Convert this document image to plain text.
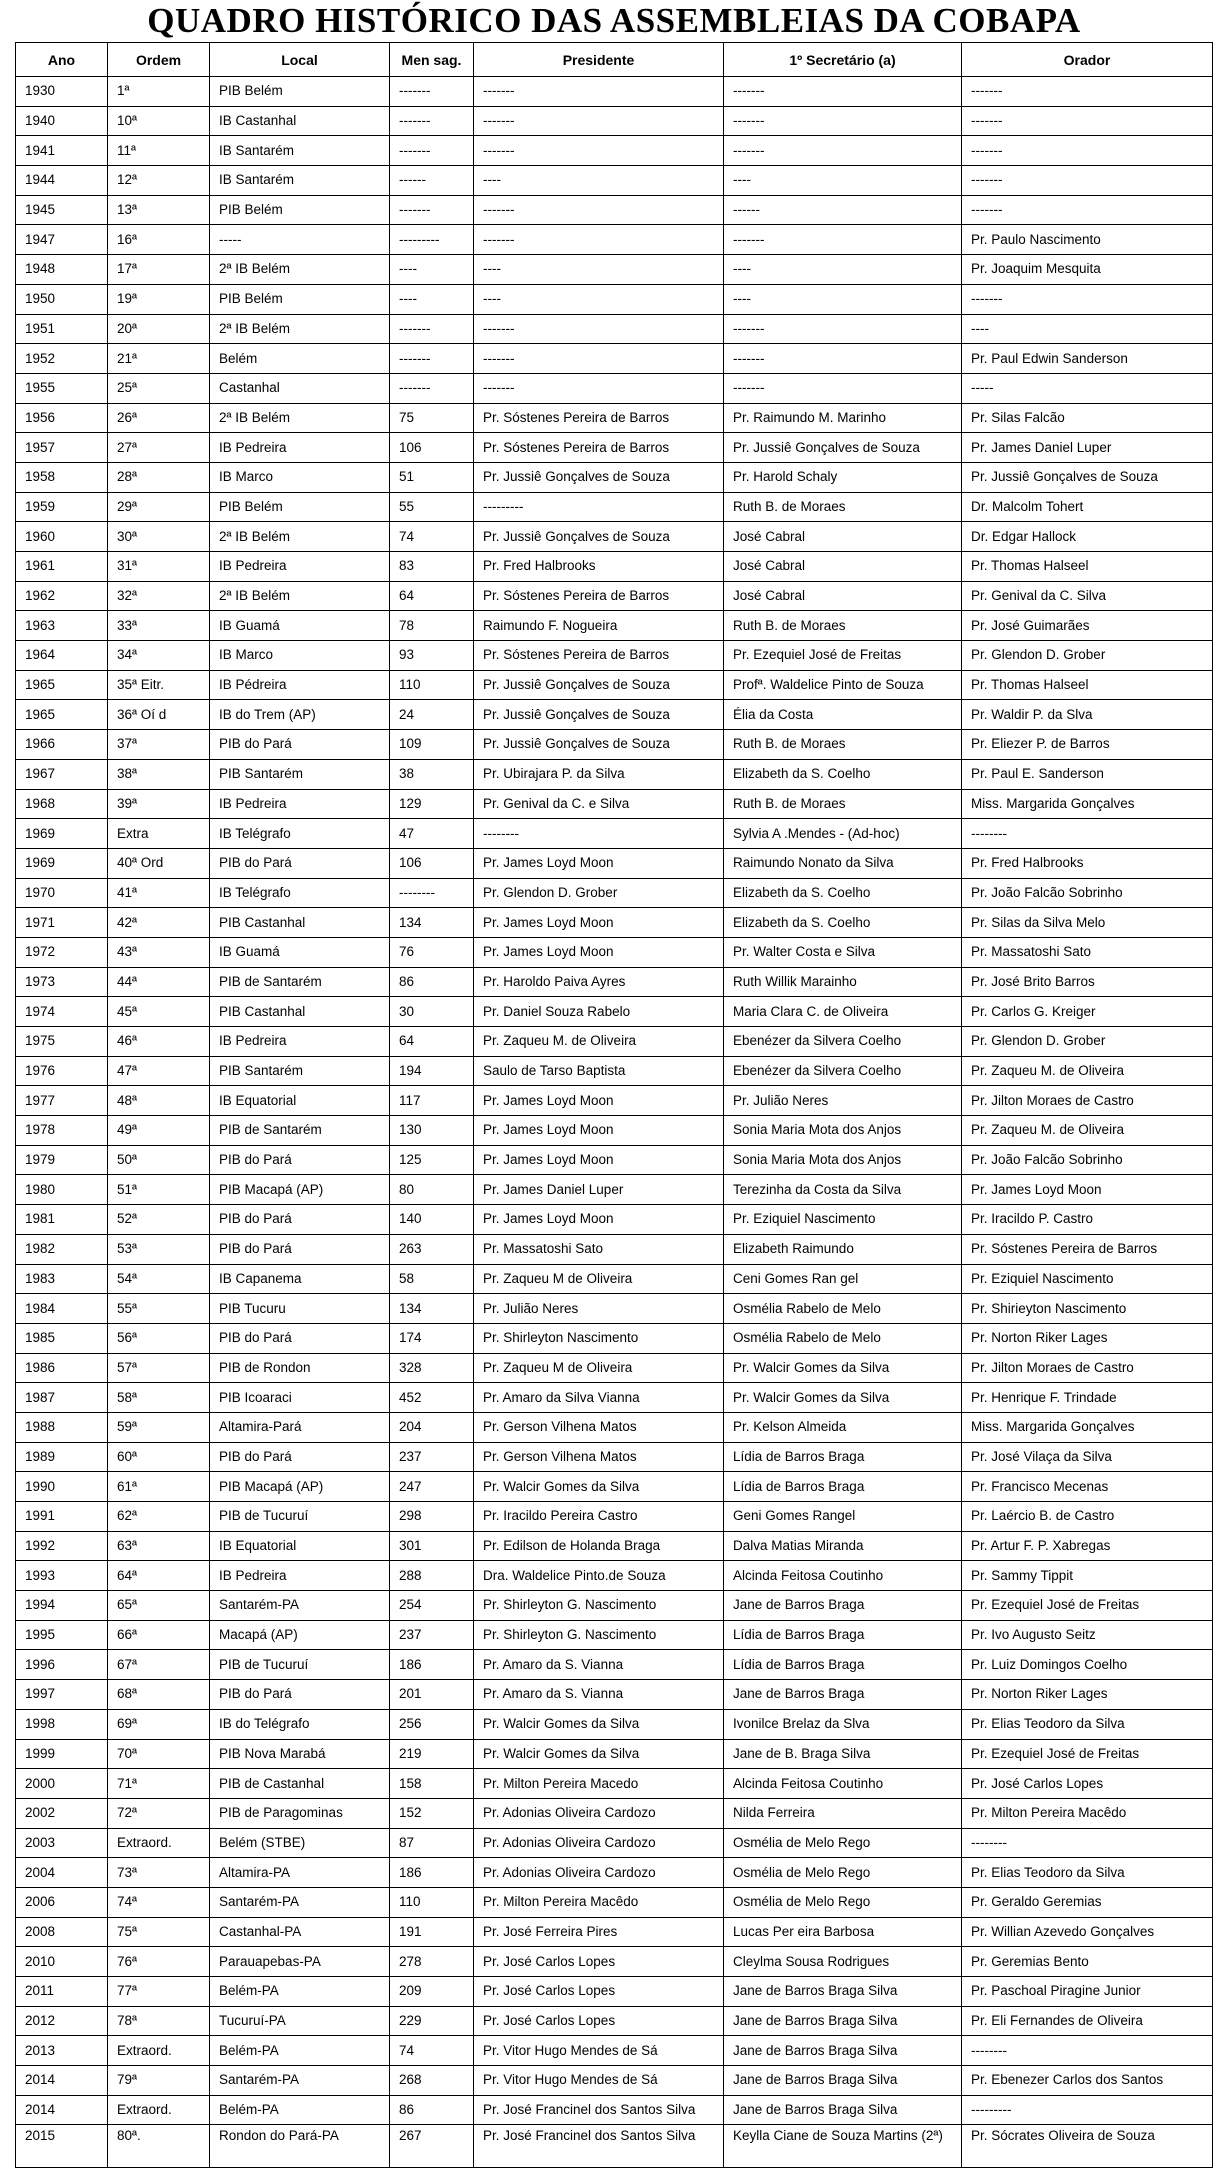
QUADRO HISTÓRICO DAS ASSEMBLEIAS DA COBAPA
Ano	Ordem	Local	Men sag.	Presidente	1º Secretário (a)	Orador
1930	1ª	PIB Belém	-------	-------	-------	-------
1940	10ª	IB Castanhal	-------	-------	-------	-------
1941	11ª	IB Santarém	-------	-------	-------	-------
1944	12ª	IB Santarém	------	----	----	-------
1945	13ª	PIB Belém	-------	-------	------	-------
1947	16ª	-----	---------	-------	-------	Pr. Paulo Nascimento
1948	17ª	2ª IB Belém	----	----	----	Pr. Joaquim Mesquita
1950	19ª	PIB Belém	----	----	----	-------
1951	20ª	2ª IB Belém	-------	-------	-------	----
1952	21ª	Belém	-------	-------	-------	Pr. Paul Edwin Sanderson
1955	25ª	Castanhal	-------	-------	-------	-----
1956	26ª	2ª IB Belém	75	Pr. Sóstenes Pereira de Barros	Pr. Raimundo M. Marinho	Pr. Silas Falcão
1957	27ª	IB Pedreira	106	Pr. Sóstenes Pereira de Barros	Pr. Jussiê Gonçalves de Souza	Pr. James Daniel Luper
1958	28ª	IB Marco	51	Pr. Jussiê Gonçalves de Souza	Pr. Harold Schaly	Pr. Jussiê Gonçalves de Souza
1959	29ª	PIB Belém	55	---------	Ruth B. de Moraes	Dr. Malcolm Tohert
1960	30ª	2ª IB Belém	74	Pr. Jussiê Gonçalves de Souza	José Cabral	Dr. Edgar Hallock
1961	31ª	IB Pedreira	83	Pr. Fred Halbrooks	José Cabral	Pr. Thomas Halseel
1962	32ª	2ª IB Belém	64	Pr. Sóstenes Pereira de Barros	José Cabral	Pr. Genival da C. Silva
1963	33ª	IB Guamá	78	Raimundo F. Nogueira	Ruth B. de Moraes	Pr. José Guimarães
1964	34ª	IB Marco	93	Pr. Sóstenes Pereira de Barros	Pr. Ezequiel José de Freitas	Pr. Glendon D. Grober
1965	35ª Eitr.	IB Pédreira	110	Pr. Jussiê Gonçalves de Souza	Profª. Waldelice Pinto de Souza	Pr. Thomas Halseel
1965	36ª Oí d	IB do Trem (AP)	24	Pr. Jussiê Gonçalves de Souza	Élia da Costa	Pr. Waldir P. da Slva
1966	37ª	PIB do Pará	109	Pr. Jussiê Gonçalves de Souza	Ruth B. de Moraes	Pr. Eliezer P. de Barros
1967	38ª	PIB Santarém	38	Pr. Ubirajara P. da Silva	Elizabeth da S. Coelho	Pr. Paul E. Sanderson
1968	39ª	IB Pedreira	129	Pr. Genival da C. e Silva	Ruth B. de Moraes	Miss. Margarida Gonçalves
1969	Extra	IB Telégrafo	47	--------	Sylvia A .Mendes - (Ad-hoc)	--------
1969	40ª Ord	PIB do Pará	106	Pr. James Loyd Moon	Raimundo Nonato da Silva	Pr. Fred Halbrooks
1970	41ª	IB Telégrafo	--------	Pr. Glendon D. Grober	Elizabeth da S. Coelho	Pr. João Falcão Sobrinho
1971	42ª	PIB Castanhal	134	Pr. James Loyd Moon	Elizabeth da S. Coelho	Pr. Silas da Silva Melo
1972	43ª	IB Guamá	76	Pr. James Loyd Moon	Pr. Walter Costa e Silva	Pr. Massatoshi Sato
1973	44ª	PIB de Santarém	86	Pr. Haroldo Paiva Ayres	Ruth Willik Marainho	Pr. José Brito Barros
1974	45ª	PIB Castanhal	30	Pr. Daniel Souza Rabelo	Maria Clara C. de Oliveira	Pr. Carlos G. Kreiger
1975	46ª	IB Pedreira	64	Pr. Zaqueu M. de Oliveira	Ebenézer da Silvera Coelho	Pr. Glendon D. Grober
1976	47ª	PIB Santarém	194	Saulo de Tarso Baptista	Ebenézer da Silvera Coelho	Pr. Zaqueu M. de Oliveira
1977	48ª	IB Equatorial	117	Pr. James Loyd Moon	Pr. Julião Neres	Pr. Jilton Moraes de Castro
1978	49ª	PIB de Santarém	130	Pr. James Loyd Moon	Sonia Maria Mota dos Anjos	Pr. Zaqueu M. de Oliveira
1979	50ª	PIB do Pará	125	Pr. James Loyd Moon	Sonia Maria Mota dos Anjos	Pr. João Falcão Sobrinho
1980	51ª	PIB Macapá (AP)	80	Pr. James Daniel Luper	Terezinha da Costa da Silva	Pr. James Loyd Moon
1981	52ª	PIB do Pará	140	Pr. James Loyd Moon	Pr. Eziquiel Nascimento	Pr. Iracildo P. Castro
1982	53ª	PIB do Pará	263	Pr. Massatoshi Sato	Elizabeth Raimundo	Pr. Sóstenes Pereira de Barros
1983	54ª	IB Capanema	58	Pr. Zaqueu M de Oliveira	Ceni Gomes Ran gel	Pr. Eziquiel Nascimento
1984	55ª	PIB Tucuru	134	Pr. Julião Neres	Osmélia Rabelo de Melo	Pr. Shirieyton Nascimento
1985	56ª	PIB do Pará	174	Pr. Shirleyton Nascimento	Osmélia Rabelo de Melo	Pr. Norton Riker Lages
1986	57ª	PIB de Rondon	328	Pr. Zaqueu M de Oliveira	Pr. Walcir Gomes da Silva	Pr. Jilton Moraes de Castro
1987	58ª	PIB Icoaraci	452	Pr. Amaro da Silva Vianna	Pr. Walcir Gomes da Silva	Pr. Henrique F. Trindade
1988	59ª	Altamira-Pará	204	Pr. Gerson Vilhena Matos	Pr. Kelson Almeida	Miss. Margarida Gonçalves
1989	60ª	PIB do Pará	237	Pr. Gerson Vilhena Matos	Lídia de Barros Braga	Pr. José Vilaça da Silva
1990	61ª	PIB Macapá (AP)	247	Pr. Walcir Gomes da Silva	Lídia de Barros Braga	Pr. Francisco Mecenas
1991	62ª	PIB de Tucuruí	298	Pr. Iracildo Pereira Castro	Geni Gomes Rangel	Pr. Laércio B. de Castro
1992	63ª	IB Equatorial	301	Pr. Edilson de Holanda Braga	Dalva Matias Miranda	Pr. Artur F. P. Xabregas
1993	64ª	IB Pedreira	288	Dra. Waldelice Pinto.de Souza	Alcinda Feitosa Coutinho	Pr. Sammy Tippit
1994	65ª	Santarém-PA	254	Pr. Shirleyton G. Nascimento	Jane de Barros Braga	Pr. Ezequiel José de Freitas
1995	66ª	Macapá (AP)	237	Pr. Shirleyton G. Nascimento	Lídia de Barros Braga	Pr. Ivo Augusto Seitz
1996	67ª	PIB de Tucuruí	186	Pr. Amaro da S. Vianna	Lídia de Barros Braga	Pr. Luiz Domingos Coelho
1997	68ª	PIB do Pará	201	Pr. Amaro da S. Vianna	Jane de Barros Braga	Pr. Norton Riker Lages
1998	69ª	IB do Telégrafo	256	Pr. Walcir Gomes da Silva	Ivonilce Brelaz da Slva	Pr. Elias Teodoro da Silva
1999	70ª	PIB Nova Marabá	219	Pr. Walcir Gomes da Silva	Jane de B. Braga Silva	Pr. Ezequiel José de Freitas
2000	71ª	PIB de Castanhal	158	Pr. Milton Pereira Macedo	Alcinda Feitosa Coutinho	Pr. José Carlos Lopes
2002	72ª	PIB de Paragominas	152	Pr. Adonias Oliveira Cardozo	Nilda Ferreira	Pr. Milton Pereira Macêdo
2003	Extraord.	Belém (STBE)	87	Pr. Adonias Oliveira Cardozo	Osmélia de Melo Rego	--------
2004	73ª	Altamira-PA	186	Pr. Adonias Oliveira Cardozo	Osmélia de Melo Rego	Pr. Elias Teodoro da Silva
2006	74ª	Santarém-PA	110	Pr. Milton Pereira Macêdo	Osmélia de Melo Rego	Pr. Geraldo Geremias
2008	75ª	Castanhal-PA	191	Pr. José Ferreira Pires	Lucas Per eira Barbosa	Pr. Willian Azevedo Gonçalves
2010	76ª	Parauapebas-PA	278	Pr. José Carlos Lopes	Cleylma Sousa Rodrigues	Pr. Geremias Bento
2011	77ª	Belém-PA	209	Pr. José Carlos Lopes	Jane de Barros Braga Silva	Pr. Paschoal Piragine Junior
2012	78ª	Tucuruí-PA	229	Pr. José Carlos Lopes	Jane de Barros Braga Silva	Pr. Eli Fernandes de Oliveira
2013	Extraord.	Belém-PA	74	Pr. Vitor Hugo Mendes de Sá	Jane de Barros Braga Silva	--------
2014	79ª	Santarém-PA	268	Pr. Vitor Hugo Mendes de Sá	Jane de Barros Braga Silva	Pr. Ebenezer Carlos dos Santos
2014	Extraord.	Belém-PA	86	Pr. José Francinel dos Santos Silva	Jane de Barros Braga Silva	---------
2015	80ª.	Rondon do Pará-PA	267	Pr. José Francinel dos Santos Silva	Keylla Ciane de Souza Martins (2ª)	Pr. Sócrates Oliveira de Souza
